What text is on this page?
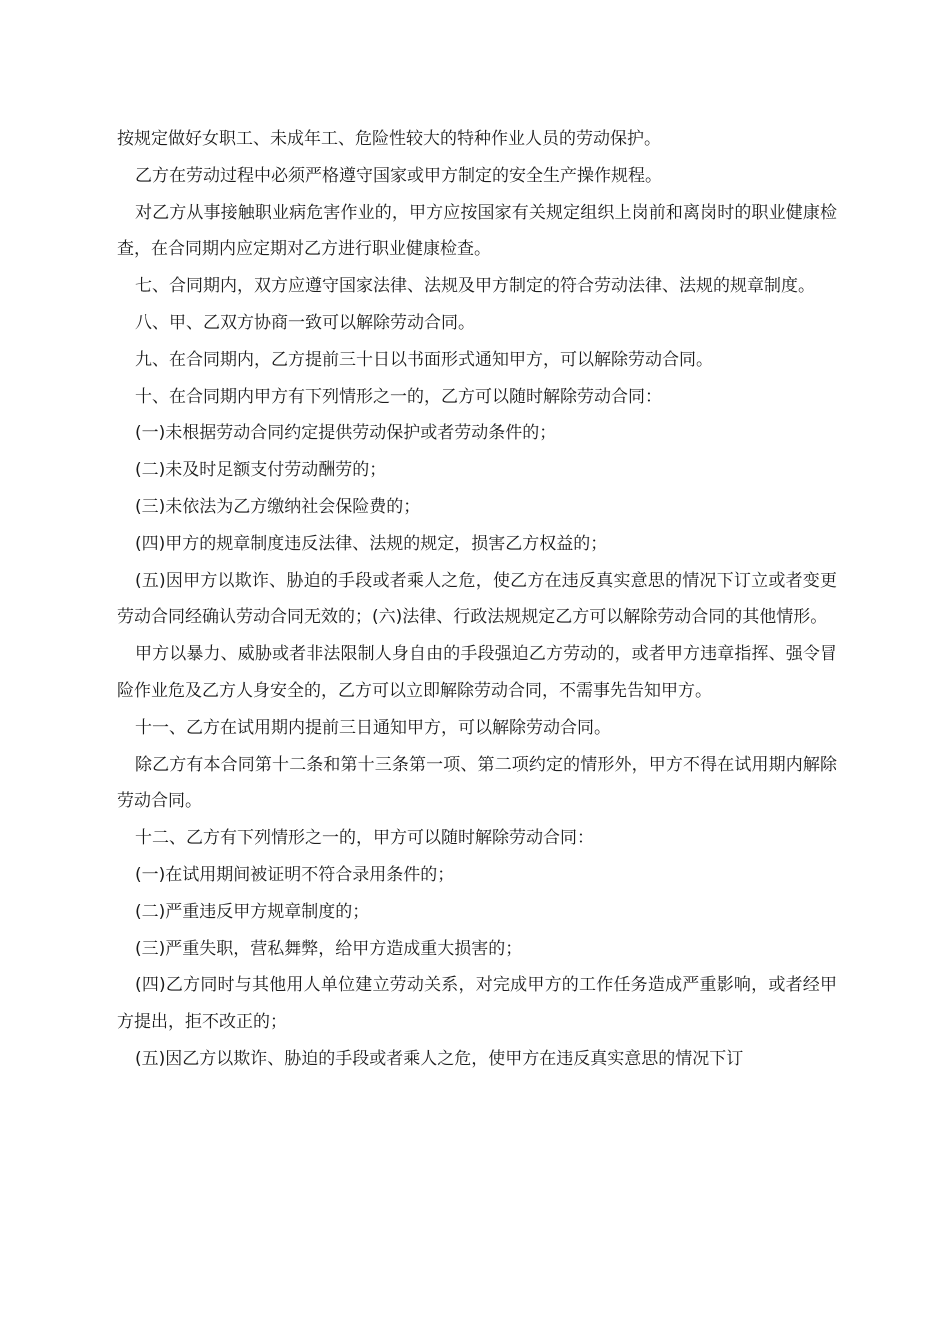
按规定做好女职工、未成年工、危险性较大的特种作业人员的劳动保护。

乙方在劳动过程中必须严格遵守国家或甲方制定的安全生产操作规程。

对乙方从事接触职业病危害作业的，甲方应按国家有关规定组织上岗前和离岗时的职业健康检查，在合同期内应定期对乙方进行职业健康检查。

七、合同期内，双方应遵守国家法律、法规及甲方制定的符合劳动法律、法规的规章制度。

八、甲、乙双方协商一致可以解除劳动合同。

九、在合同期内，乙方提前三十日以书面形式通知甲方，可以解除劳动合同。

十、在合同期内甲方有下列情形之一的，乙方可以随时解除劳动合同：

(一)未根据劳动合同约定提供劳动保护或者劳动条件的；

(二)未及时足额支付劳动酬劳的；

(三)未依法为乙方缴纳社会保险费的；

(四)甲方的规章制度违反法律、法规的规定，损害乙方权益的；

(五)因甲方以欺诈、胁迫的手段或者乘人之危，使乙方在违反真实意思的情况下订立或者变更劳动合同经确认劳动合同无效的；(六)法律、行政法规规定乙方可以解除劳动合同的其他情形。

甲方以暴力、威胁或者非法限制人身自由的手段强迫乙方劳动的，或者甲方违章指挥、强令冒险作业危及乙方人身安全的，乙方可以立即解除劳动合同，不需事先告知甲方。

十一、乙方在试用期内提前三日通知甲方，可以解除劳动合同。

除乙方有本合同第十二条和第十三条第一项、第二项约定的情形外，甲方不得在试用期内解除劳动合同。

十二、乙方有下列情形之一的，甲方可以随时解除劳动合同：

(一)在试用期间被证明不符合录用条件的；

(二)严重违反甲方规章制度的；

(三)严重失职，营私舞弊，给甲方造成重大损害的；

(四)乙方同时与其他用人单位建立劳动关系，对完成甲方的工作任务造成严重影响，或者经甲方提出，拒不改正的；

(五)因乙方以欺诈、胁迫的手段或者乘人之危，使甲方在违反真实意思的情况下订
